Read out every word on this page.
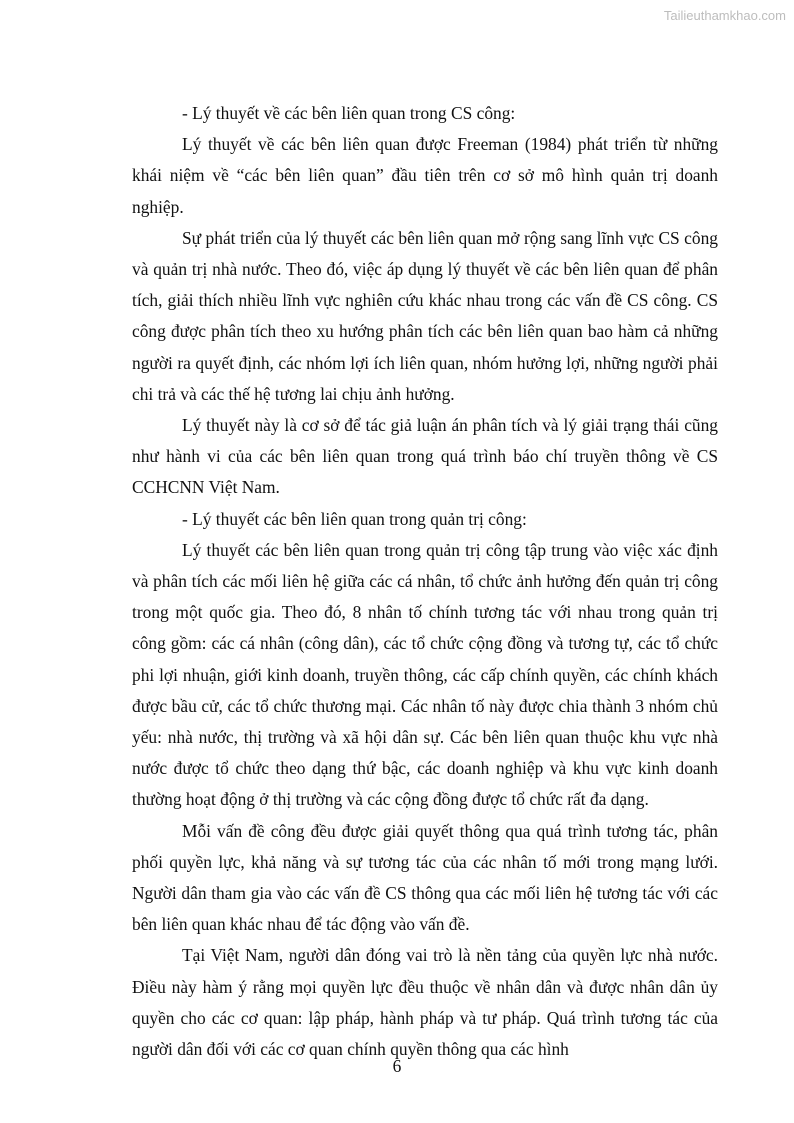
Tailieuthamkhao.com

- Lý thuyết về các bên liên quan trong CS công:

Lý thuyết về các bên liên quan được Freeman (1984) phát triển từ những khái niệm về “các bên liên quan” đầu tiên trên cơ sở mô hình quản trị doanh nghiệp.

Sự phát triển của lý thuyết các bên liên quan mở rộng sang lĩnh vực CS công và quản trị nhà nước. Theo đó, việc áp dụng lý thuyết về các bên liên quan để phân tích, giải thích nhiều lĩnh vực nghiên cứu khác nhau trong các vấn đề CS công. CS công được phân tích theo xu hướng phân tích các bên liên quan bao hàm cả những người ra quyết định, các nhóm lợi ích liên quan, nhóm hưởng lợi, những người phải chi trả và các thế hệ tương lai chịu ảnh hưởng.

Lý thuyết này là cơ sở để tác giả luận án phân tích và lý giải trạng thái cũng như hành vi của các bên liên quan trong quá trình báo chí truyền thông về CS CCHCNN Việt Nam.

- Lý thuyết các bên liên quan trong quản trị công:

Lý thuyết các bên liên quan trong quản trị công tập trung vào việc xác định và phân tích các mối liên hệ giữa các cá nhân, tổ chức ảnh hưởng đến quản trị công trong một quốc gia. Theo đó, 8 nhân tố chính tương tác với nhau trong quản trị công gồm: các cá nhân (công dân), các tổ chức cộng đồng và tương tự, các tổ chức phi lợi nhuận, giới kinh doanh, truyền thông, các cấp chính quyền, các chính khách được bầu cử, các tổ chức thương mại. Các nhân tố này được chia thành 3 nhóm chủ yếu: nhà nước, thị trường và xã hội dân sự. Các bên liên quan thuộc khu vực nhà nước được tổ chức theo dạng thứ bậc, các doanh nghiệp và khu vực kinh doanh thường hoạt động ở thị trường và các cộng đồng được tổ chức rất đa dạng.

Mỗi vấn đề công đều được giải quyết thông qua quá trình tương tác, phân phối quyền lực, khả năng và sự tương tác của các nhân tố mới trong mạng lưới. Người dân tham gia vào các vấn đề CS thông qua các mối liên hệ tương tác với các bên liên quan khác nhau để tác động vào vấn đề.

Tại Việt Nam, người dân đóng vai trò là nền tảng của quyền lực nhà nước. Điều này hàm ý rằng mọi quyền lực đều thuộc về nhân dân và được nhân dân ủy quyền cho các cơ quan: lập pháp, hành pháp và tư pháp. Quá trình tương tác của người dân đối với các cơ quan chính quyền thông qua các hình

6
